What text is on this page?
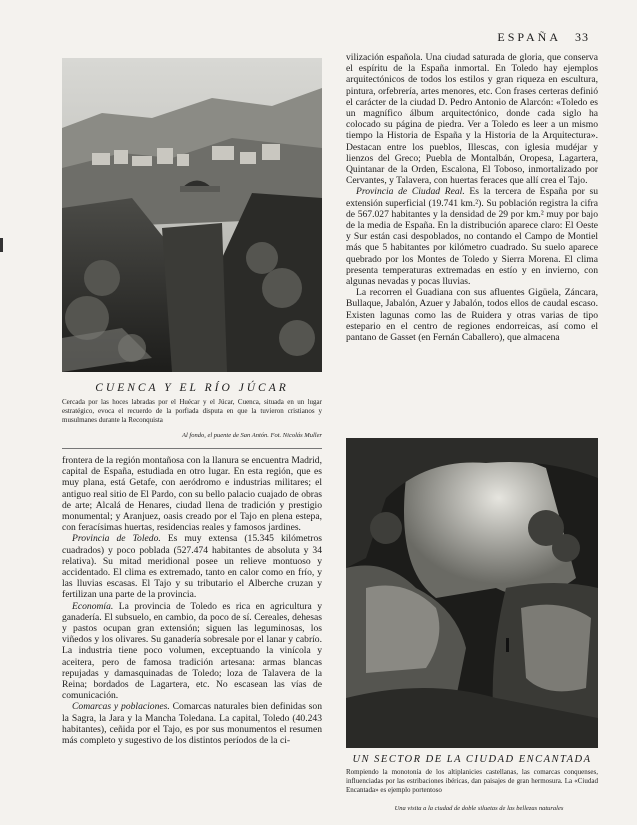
ESPAÑA 33
CUENCA Y EL RÍO JÚCAR
Cercada por las hoces labradas por el Huécar y el Júcar, Cuenca, situada en un lugar estratégico, evoca el recuerdo de la porfiada disputa en que la tuvieron cristianos y musulmanes durante la Reconquista
Al fondo, el puente de San Antón. Fot. Nicolás Muller

frontera de la región montañosa con la llanura se encuentra Madrid, capital de España, estudiada en otro lugar. En esta región, que es muy plana, está Getafe, con aeródromo e industrias militares; el antiguo real sitio de El Pardo, con su bello palacio cuajado de obras de arte; Alcalá de Henares, ciudad llena de tradición y prestigio monumental; y Aranjuez, oasis creado por el Tajo en plena estepa, con feracísimas huertas, residencias reales y famosos jardines.

Provincia de Toledo. Es muy extensa (15.345 kilómetros cuadrados) y poco poblada (527.474 habitantes de absoluta y 34 relativa). Su mitad meridional posee un relieve montuoso y accidentado. El clima es extremado, tanto en calor como en frío, y las lluvias escasas. El Tajo y su tributario el Alberche cruzan y fertilizan una parte de la provincia.

Economía. La provincia de Toledo es rica en agricultura y ganadería. El subsuelo, en cambio, da poco de sí. Cereales, dehesas y pastos ocupan gran extensión; siguen las leguminosas, los viñedos y los olivares. Su ganadería sobresale por el lanar y cabrío. La industria tiene poco volumen, exceptuando la vinícola y aceitera, pero de famosa tradición artesana: armas blancas repujadas y damasquinadas de Toledo; loza de Talavera de la Reina; bordados de Lagartera, etc. No escasean las vías de comunicación.

Comarcas y poblaciones. Comarcas naturales bien definidas son la Sagra, la Jara y la Mancha Toledana. La capital, Toledo (40.243 habitantes), ceñida por el Tajo, es por sus monumentos el resumen más completo y sugestivo de los distintos períodos de la ci-

vilización española. Una ciudad saturada de gloria, que conserva el espíritu de la España inmortal. En Toledo hay ejemplos arquitectónicos de todos los estilos y gran riqueza en escultura, pintura, orfebrería, artes menores, etc. Con frases certeras definió el carácter de la ciudad D. Pedro Antonio de Alarcón: «Toledo es un magnífico álbum arquitectónico, donde cada siglo ha colocado su página de piedra. Ver a Toledo es leer a un mismo tiempo la Historia de España y la Historia de la Arquitectura». Destacan entre los pueblos, Illescas, con iglesia mudéjar y lienzos del Greco; Puebla de Montalbán, Oropesa, Lagartera, Quintanar de la Orden, Escalona, El Toboso, inmortalizado por Cervantes, y Talavera, con huertas feraces que allí crea el Tajo.

Provincia de Ciudad Real. Es la tercera de España por su extensión superficial (19.741 km.²). Su población registra la cifra de 567.027 habitantes y la densidad de 29 por km.² muy por bajo de la media de España. En la distribución aparece claro: El Oeste y Sur están casi despoblados, no contando el Campo de Montiel más que 5 habitantes por kilómetro cuadrado. Su suelo aparece quebrado por los Montes de Toledo y Sierra Morena. El clima presenta temperaturas extremadas en estío y en invierno, con algunas nevadas y pocas lluvias.

La recorren el Guadiana con sus afluentes Gigüela, Záncara, Bullaque, Jabalón, Azuer y Jabalón, todos ellos de caudal escaso. Existen lagunas como las de Ruidera y otras varias de tipo estepario en el centro de regiones endorreicas, así como el pantano de Gasset (en Fernán Caballero), que almacena

UN SECTOR DE LA CIUDAD ENCANTADA
Rompiendo la monotonía de los altiplanicies castellanas, las comarcas conquenses, influenciadas por las estribaciones ibéricas, dan paisajes de gran hermosura. La «Ciudad Encantada» es ejemplo portentoso
Una visita a la ciudad de doble siluetas de las bellezas naturales
